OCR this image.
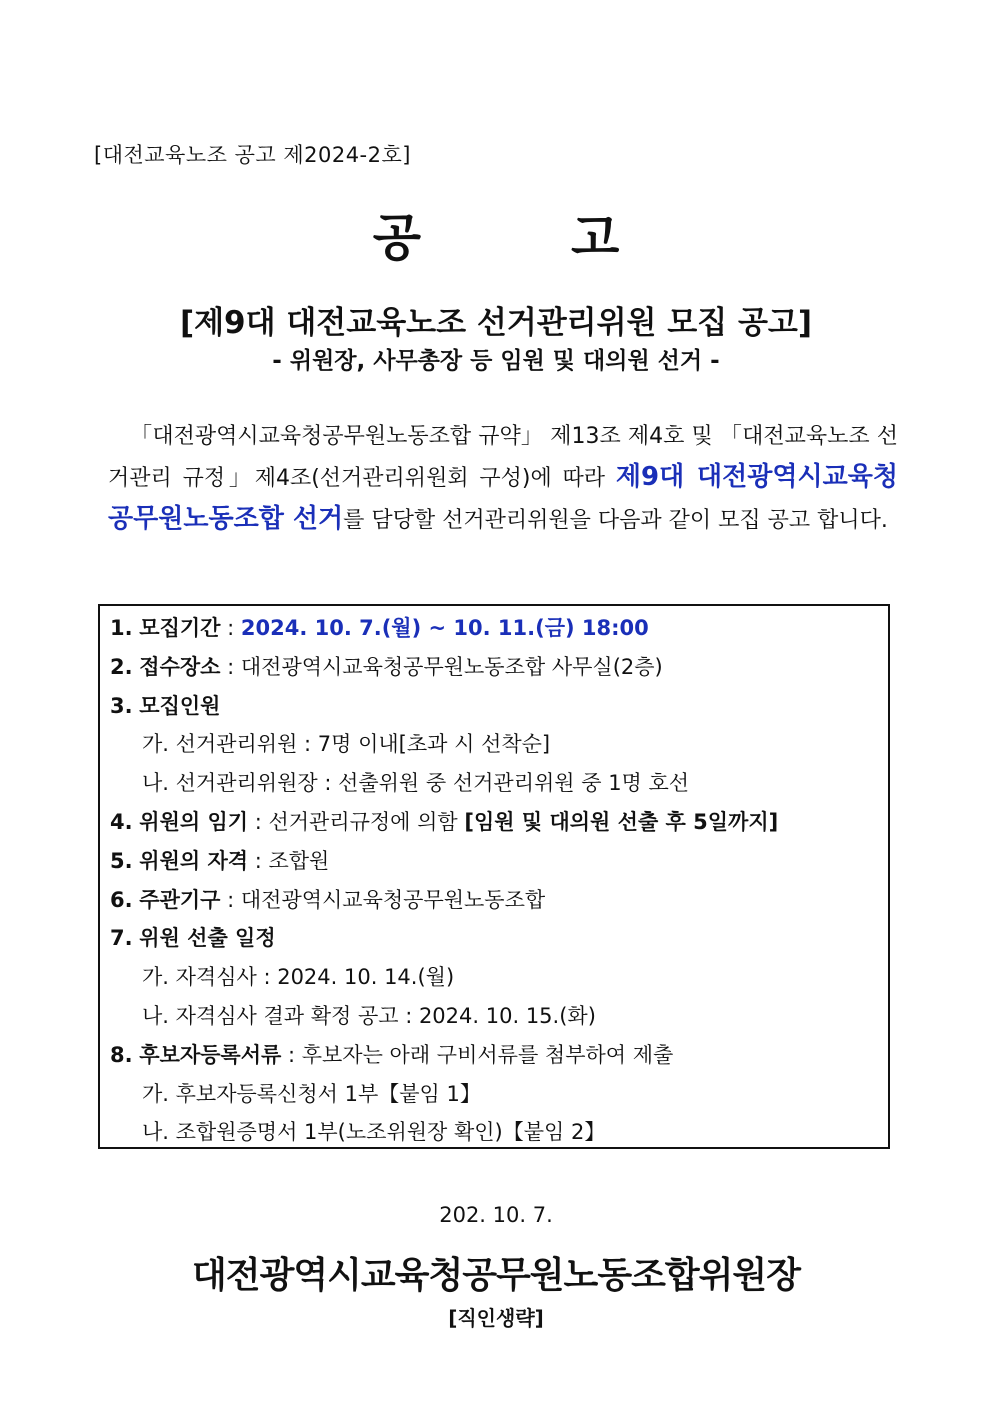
[대전교육노조 공고 제2024-2호]
공고
[제9대 대전교육노조 선거관리위원 모집 공고]
- 위원장, 사무총장 등 임원 및 대의원 선거 -
「대전광역시교육청공무원노동조합 규약」 제13조 제4호 및 「대전교육노조 선거관리 규정」제4조(선거관리위원회 구성)에 따라 제9대 대전광역시교육청 공무원노동조합 선거를 담당할 선거관리위원을 다음과 같이 모집 공고 합니다.
1. 모집기간 : 2024. 10. 7.(월) ~ 10. 11.(금) 18:00
2. 접수장소 : 대전광역시교육청공무원노동조합 사무실(2층)
3. 모집인원
가. 선거관리위원 : 7명 이내[초과 시 선착순]
나. 선거관리위원장 : 선출위원 중 선거관리위원 중 1명 호선
4. 위원의 임기 : 선거관리규정에 의함 [임원 및 대의원 선출 후 5일까지]
5. 위원의 자격 : 조합원
6. 주관기구 : 대전광역시교육청공무원노동조합
7. 위원 선출 일정
가. 자격심사 : 2024. 10. 14.(월)
나. 자격심사 결과 확정 공고 : 2024. 10. 15.(화)
8. 후보자등록서류 : 후보자는 아래 구비서류를 첨부하여 제출
가. 후보자등록신청서 1부【붙임 1】
나. 조합원증명서 1부(노조위원장 확인)【붙임 2】
202. 10. 7.
대전광역시교육청공무원노동조합위원장
[직인생략]
